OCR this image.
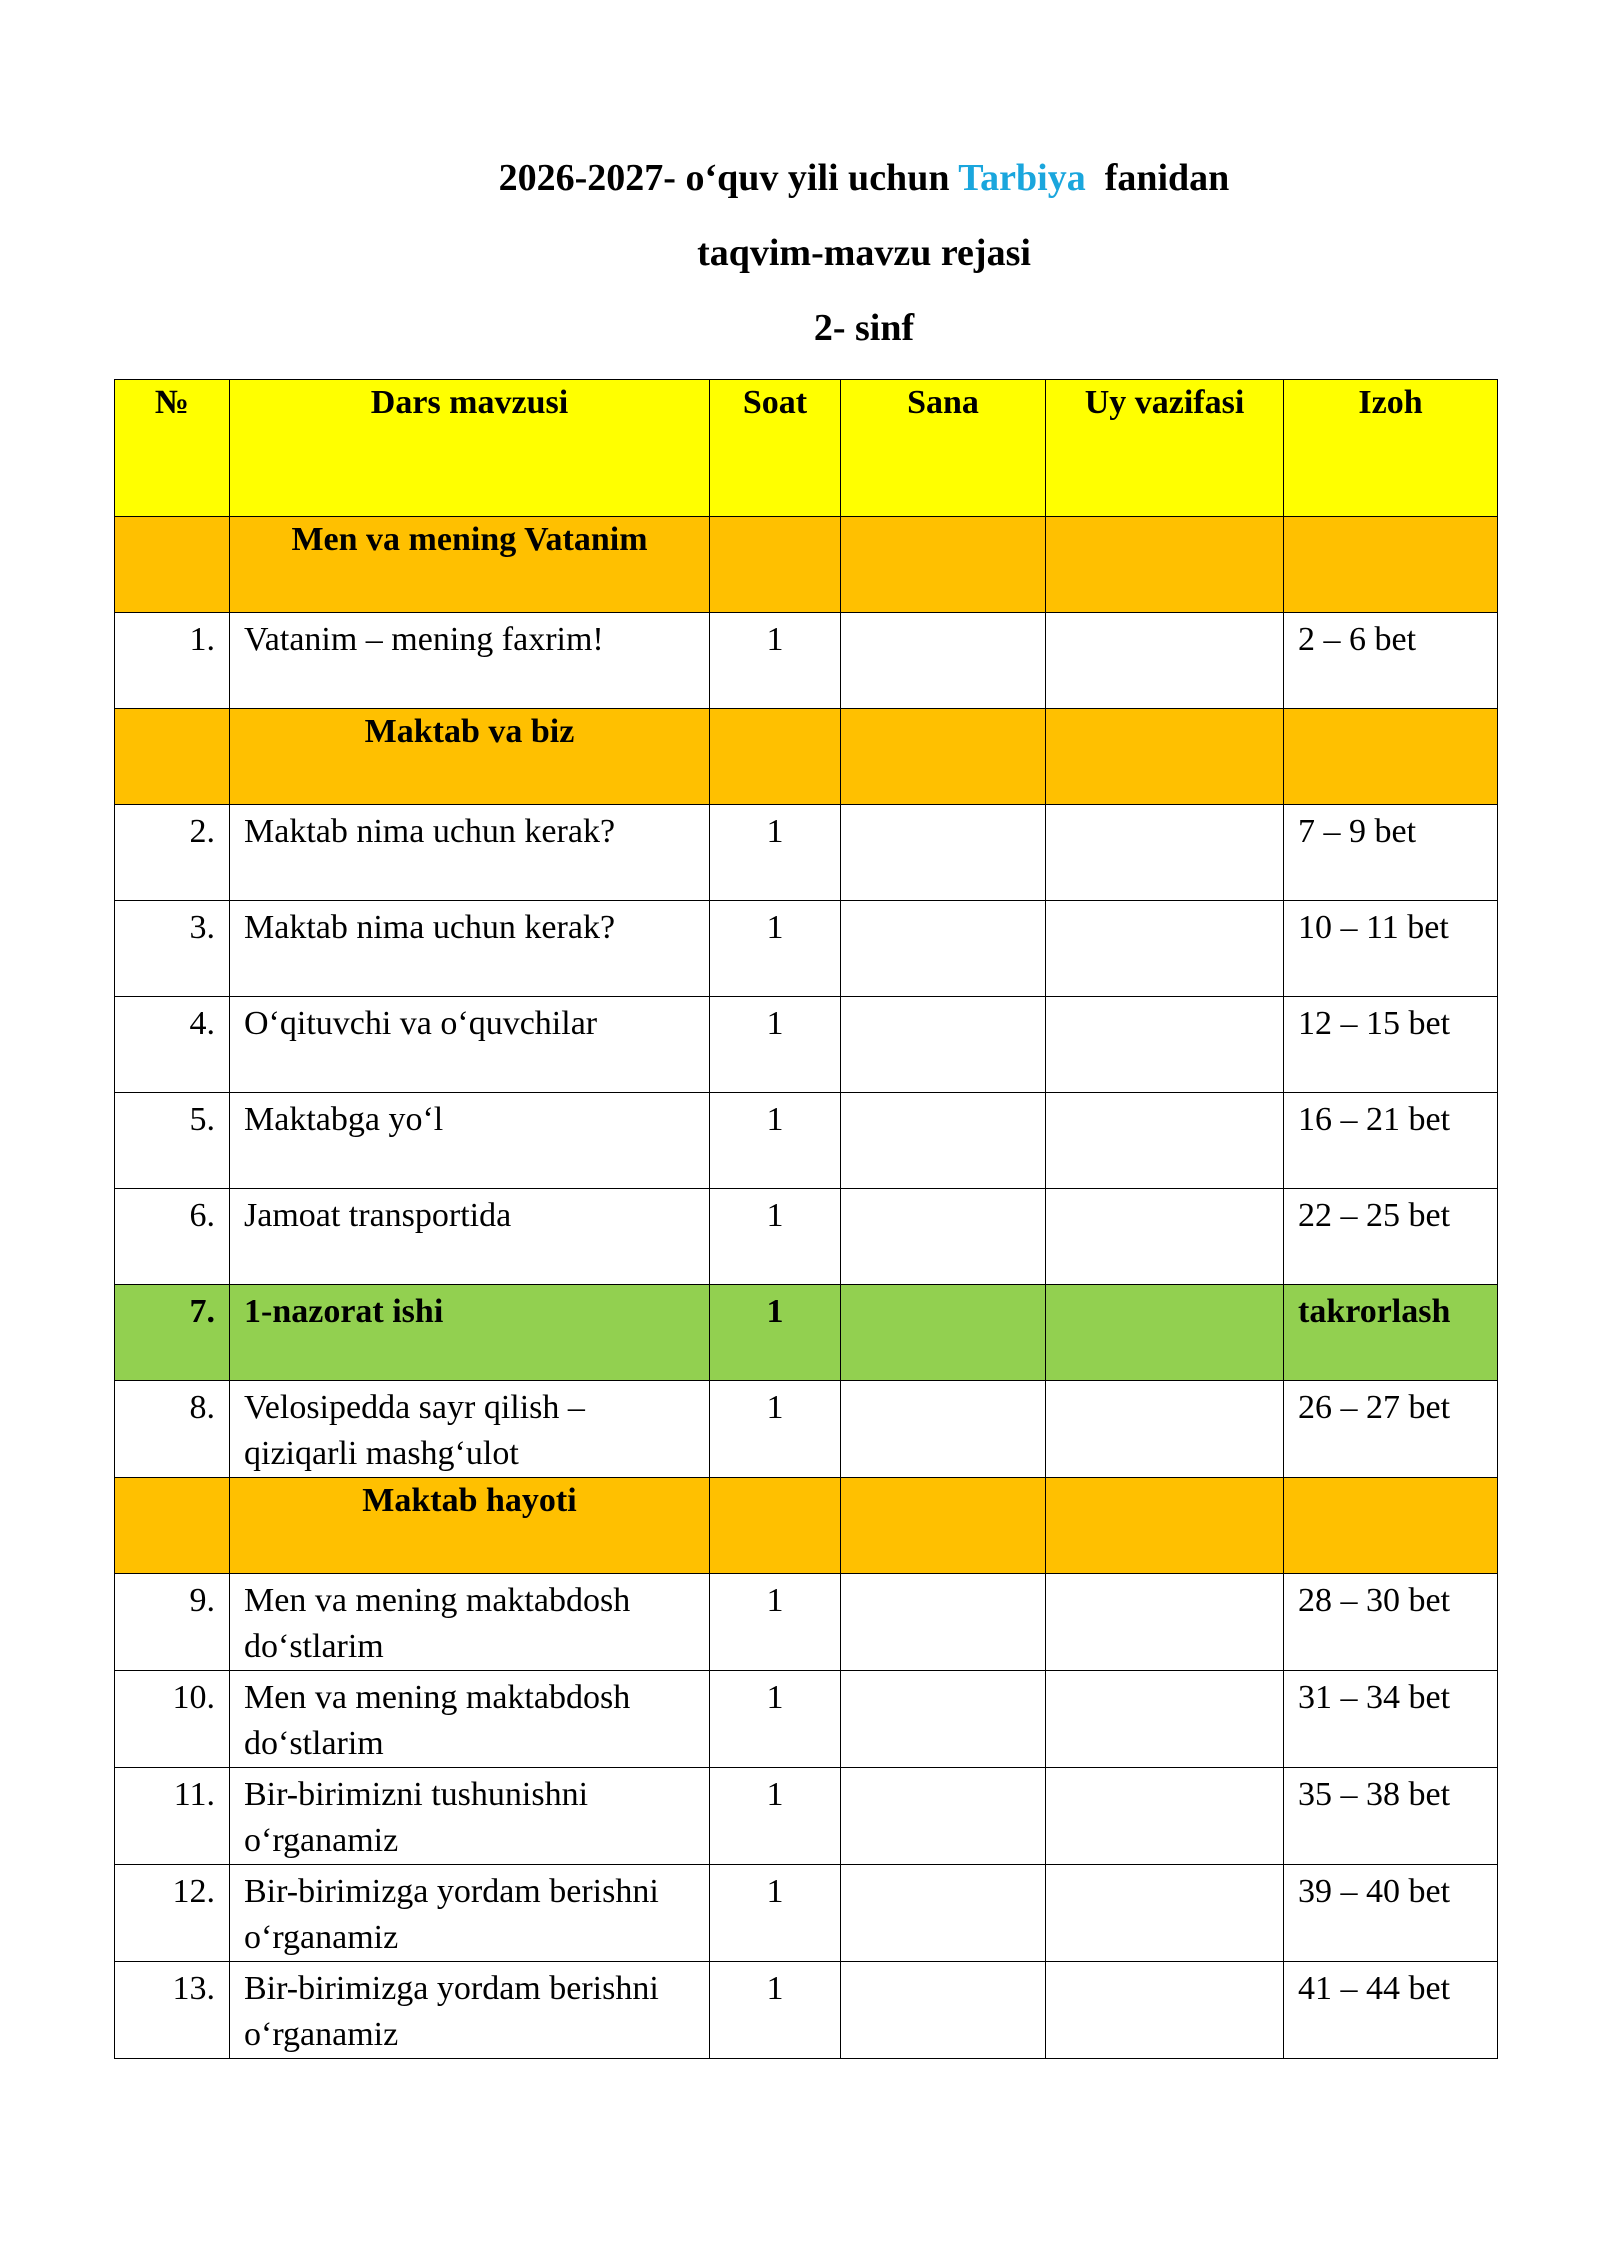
2026-2027- o‘quv yili uchun Tarbiya  fanidan
taqvim-mavzu rejasi
2- sinf
№	Dars mavzusi	Soat	Sana	Uy vazifasi	Izoh
	Men va mening Vatanim				
1.	Vatanim – mening faxrim!	1			2 – 6 bet
	Maktab va biz				
2.	Maktab nima uchun kerak?	1			7 – 9 bet
3.	Maktab nima uchun kerak?	1			10 – 11 bet
4.	O‘qituvchi va o‘quvchilar	1			12 – 15 bet
5.	Maktabga yo‘l	1			16 – 21 bet
6.	Jamoat transportida	1			22 – 25 bet
7.	1-nazorat ishi	1			takrorlash
8.	Velosipedda sayr qilish – qiziqarli mashg‘ulot	1			26 – 27 bet
	Maktab hayoti				
9.	Men va mening maktabdosh do‘stlarim	1			28 – 30 bet
10.	Men va mening maktabdosh do‘stlarim	1			31 – 34 bet
11.	Bir-birimizni tushunishni o‘rganamiz	1			35 – 38 bet
12.	Bir-birimizga yordam berishni o‘rganamiz	1			39 – 40 bet
13.	Bir-birimizga yordam berishni o‘rganamiz	1			41 – 44 bet
